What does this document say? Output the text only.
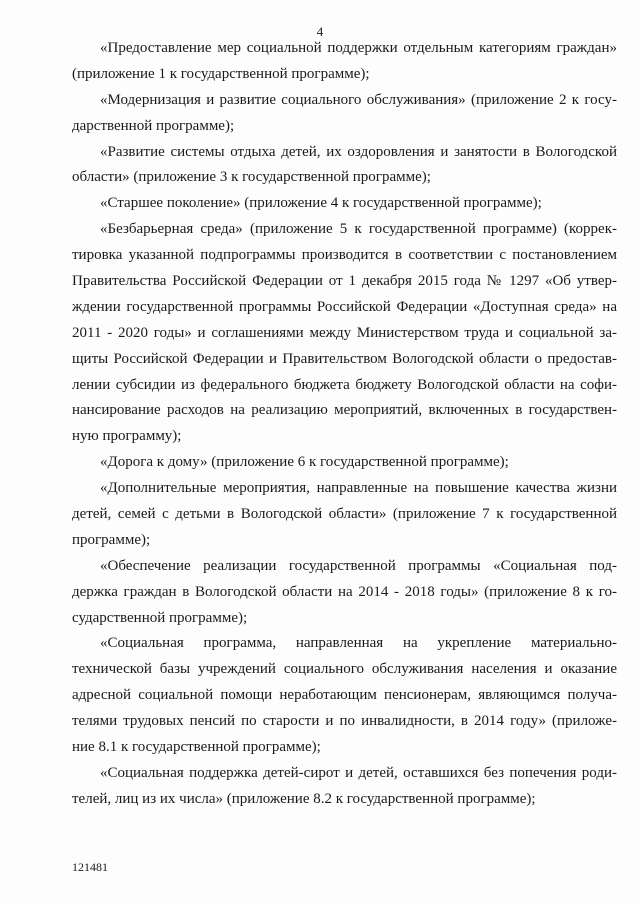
4
«Предоставление мер социальной поддержки отдельным категориям граждан»
(приложение 1 к государственной программе);
«Модернизация и развитие социального обслуживания» (приложение 2 к госу-
дарственной программе);
«Развитие системы отдыха детей, их оздоровления и занятости в Вологодской
области» (приложение 3 к государственной программе);
«Старшее поколение» (приложение 4 к государственной программе);
«Безбарьерная среда» (приложение 5 к государственной программе) (коррек-
тировка указанной подпрограммы производится в соответствии с постановлением
Правительства Российской Федерации от 1 декабря 2015 года № 1297 «Об утвер-
ждении государственной программы Российской Федерации «Доступная среда» на
2011 - 2020 годы» и соглашениями между Министерством труда и социальной за-
щиты Российской Федерации и Правительством Вологодской области о предостав-
лении субсидии из федерального бюджета бюджету Вологодской области на софи-
нансирование расходов на реализацию мероприятий, включенных в государствен-
ную программу);
«Дорога к дому» (приложение 6 к государственной программе);
«Дополнительные мероприятия, направленные на повышение качества жизни
детей, семей с детьми в Вологодской области» (приложение 7 к государственной
программе);
«Обеспечение реализации государственной программы «Социальная под-
держка граждан в Вологодской области на 2014 - 2018 годы» (приложение 8 к го-
сударственной программе);
«Социальная программа, направленная на укрепление материально-
технической базы учреждений социального обслуживания населения и оказание
адресной социальной помощи неработающим пенсионерам, являющимся получа-
телями трудовых пенсий по старости и по инвалидности, в 2014 году» (приложе-
ние 8.1 к государственной программе);
«Социальная поддержка детей-сирот и детей, оставшихся без попечения роди-
телей, лиц из их числа» (приложение 8.2 к государственной программе);
121481
